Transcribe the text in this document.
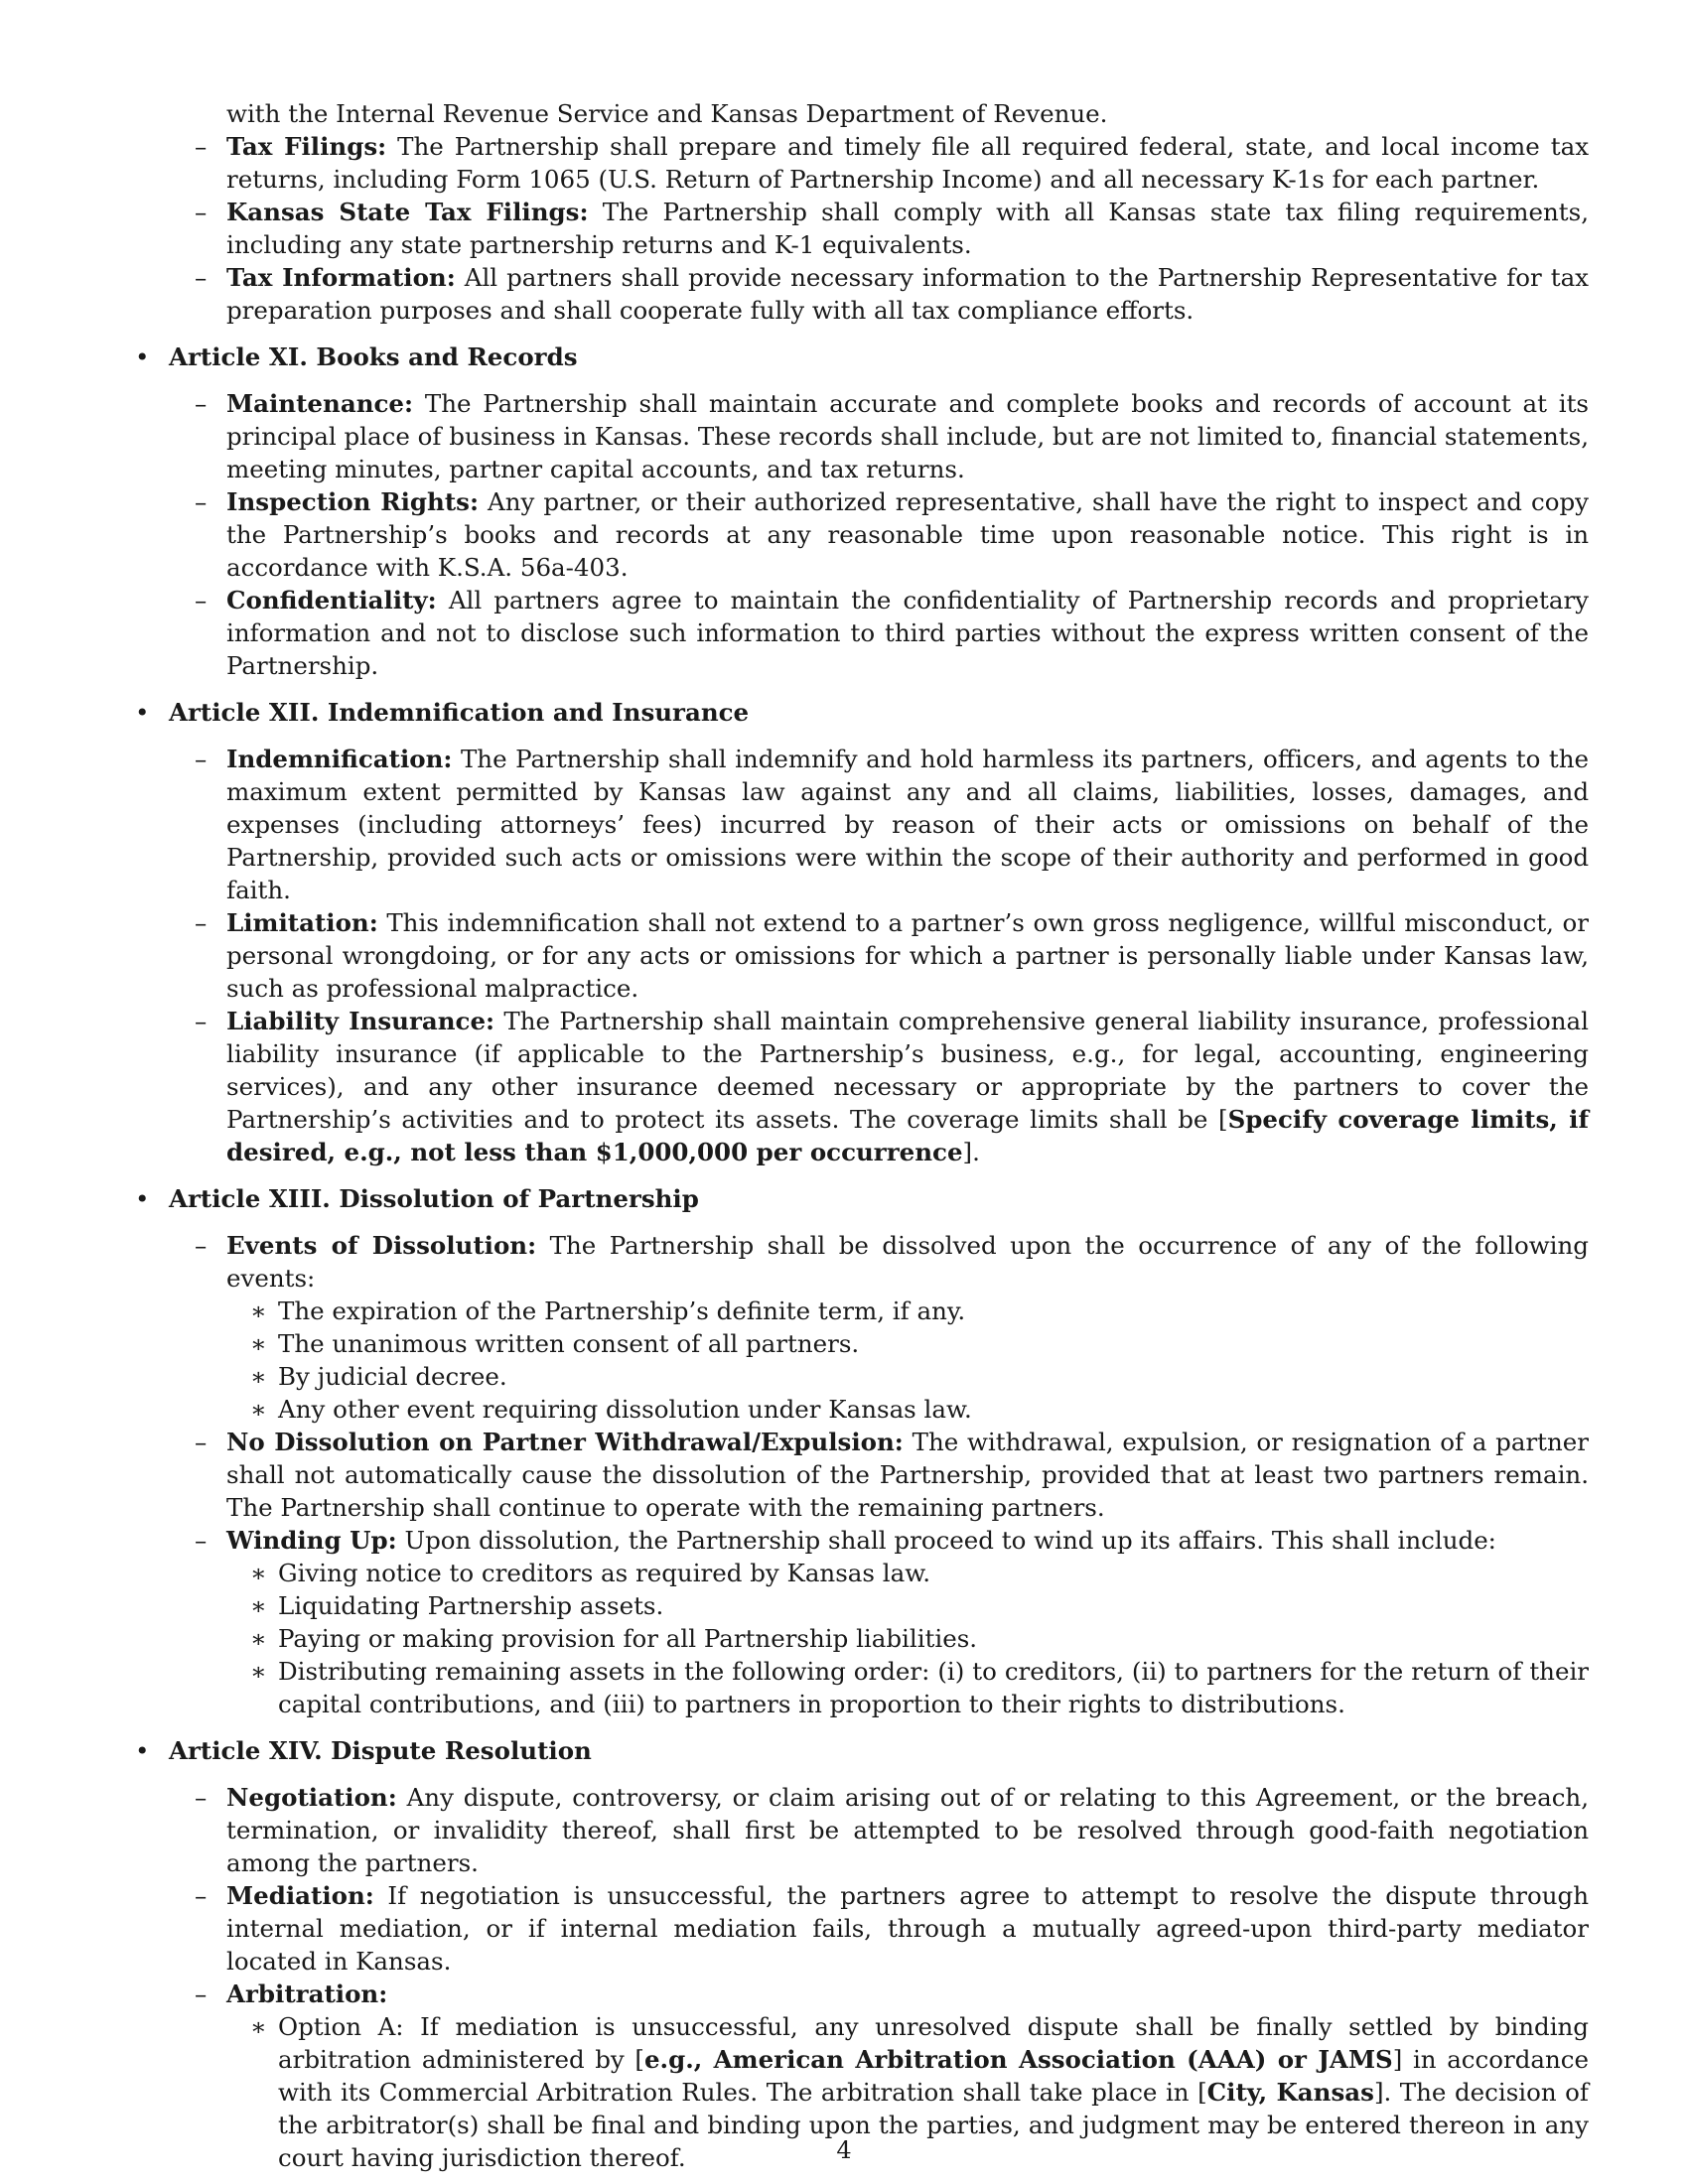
with the Internal Revenue Service and Kansas Department of Revenue.

– Tax Filings: The Partnership shall prepare and timely file all required federal, state, and local income tax returns, including Form 1065 (U.S. Return of Partnership Income) and all necessary K-1s for each partner.

– Kansas State Tax Filings: The Partnership shall comply with all Kansas state tax filing requirements, including any state partnership returns and K-1 equivalents.

– Tax Information: All partners shall provide necessary information to the Partnership Representative for tax preparation purposes and shall cooperate fully with all tax compliance efforts.

• Article XI. Books and Records

– Maintenance: The Partnership shall maintain accurate and complete books and records of account at its principal place of business in Kansas. These records shall include, but are not limited to, financial statements, meeting minutes, partner capital accounts, and tax returns.

– Inspection Rights: Any partner, or their authorized representative, shall have the right to inspect and copy the Partnership’s books and records at any reasonable time upon reasonable notice. This right is in accordance with K.S.A. 56a-403.

– Confidentiality: All partners agree to maintain the confidentiality of Partnership records and proprietary information and not to disclose such information to third parties without the express written consent of the Partnership.

• Article XII. Indemnification and Insurance

– Indemnification: The Partnership shall indemnify and hold harmless its partners, officers, and agents to the maximum extent permitted by Kansas law against any and all claims, liabilities, losses, damages, and expenses (including attorneys’ fees) incurred by reason of their acts or omissions on behalf of the Partnership, provided such acts or omissions were within the scope of their authority and performed in good faith.

– Limitation: This indemnification shall not extend to a partner’s own gross negligence, willful misconduct, or personal wrongdoing, or for any acts or omissions for which a partner is personally liable under Kansas law, such as professional malpractice.

– Liability Insurance: The Partnership shall maintain comprehensive general liability insurance, professional liability insurance (if applicable to the Partnership’s business, e.g., for legal, accounting, engineering services), and any other insurance deemed necessary or appropriate by the partners to cover the Partnership’s activities and to protect its assets. The coverage limits shall be [Specify coverage limits, if desired, e.g., not less than $1,000,000 per occurrence].

• Article XIII. Dissolution of Partnership

– Events of Dissolution: The Partnership shall be dissolved upon the occurrence of any of the following events:

∗ The expiration of the Partnership’s definite term, if any.

∗ The unanimous written consent of all partners.

∗ By judicial decree.

∗ Any other event requiring dissolution under Kansas law.

– No Dissolution on Partner Withdrawal/Expulsion: The withdrawal, expulsion, or resignation of a partner shall not automatically cause the dissolution of the Partnership, provided that at least two partners remain. The Partnership shall continue to operate with the remaining partners.

– Winding Up: Upon dissolution, the Partnership shall proceed to wind up its affairs. This shall include:

∗ Giving notice to creditors as required by Kansas law.

∗ Liquidating Partnership assets.

∗ Paying or making provision for all Partnership liabilities.

∗ Distributing remaining assets in the following order: (i) to creditors, (ii) to partners for the return of their capital contributions, and (iii) to partners in proportion to their rights to distributions.

• Article XIV. Dispute Resolution

– Negotiation: Any dispute, controversy, or claim arising out of or relating to this Agreement, or the breach, termination, or invalidity thereof, shall first be attempted to be resolved through good-faith negotiation among the partners.

– Mediation: If negotiation is unsuccessful, the partners agree to attempt to resolve the dispute through internal mediation, or if internal mediation fails, through a mutually agreed-upon third-party mediator located in Kansas.

– Arbitration:

∗ Option A: If mediation is unsuccessful, any unresolved dispute shall be finally settled by binding arbitration administered by [e.g., American Arbitration Association (AAA) or JAMS] in accordance with its Commercial Arbitration Rules. The arbitration shall take place in [City, Kansas]. The decision of the arbitrator(s) shall be final and binding upon the parties, and judgment may be entered thereon in any court having jurisdiction thereof.	4
